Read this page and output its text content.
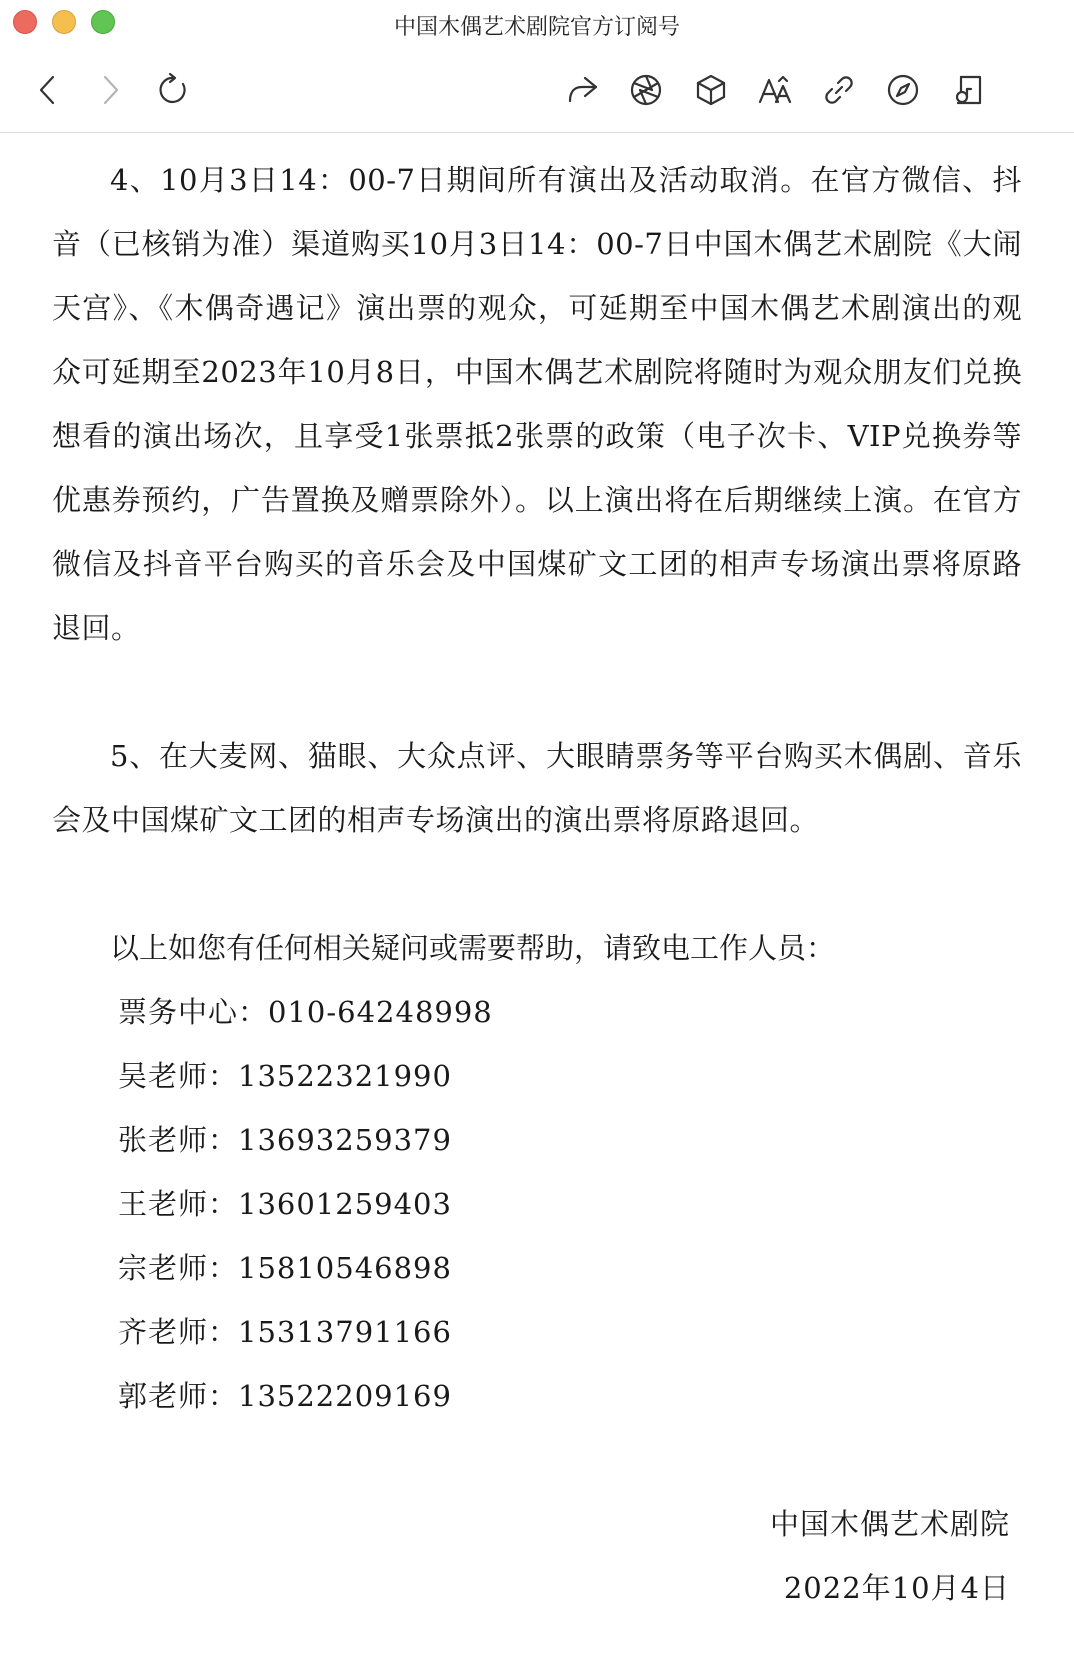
中国木偶艺术剧院官方订阅号

4、10月3日14：00-7日期间所有演出及活动取消。在官方微信、抖音（已核销为准）渠道购买10月3日14：00-7日中国木偶艺术剧院《大闹天宫》、《木偶奇遇记》演出票的观众，可延期至中国木偶艺术剧演出的观众可延期至2023年10月8日，中国木偶艺术剧院将随时为观众朋友们兑换想看的演出场次，且享受1张票抵2张票的政策（电子次卡、VIP兑换券等优惠券预约，广告置换及赠票除外）。以上演出将在后期继续上演。在官方微信及抖音平台购买的音乐会及中国煤矿文工团的相声专场演出票将原路退回。

5、在大麦网、猫眼、大众点评、大眼睛票务等平台购买木偶剧、音乐会及中国煤矿文工团的相声专场演出的演出票将原路退回。

以上如您有任何相关疑问或需要帮助，请致电工作人员：

票务中心：010-64248998

吴老师：13522321990

张老师：13693259379

王老师：13601259403

宗老师：15810546898

齐老师：15313791166

郭老师：13522209169

中国木偶艺术剧院

2022年10月4日
